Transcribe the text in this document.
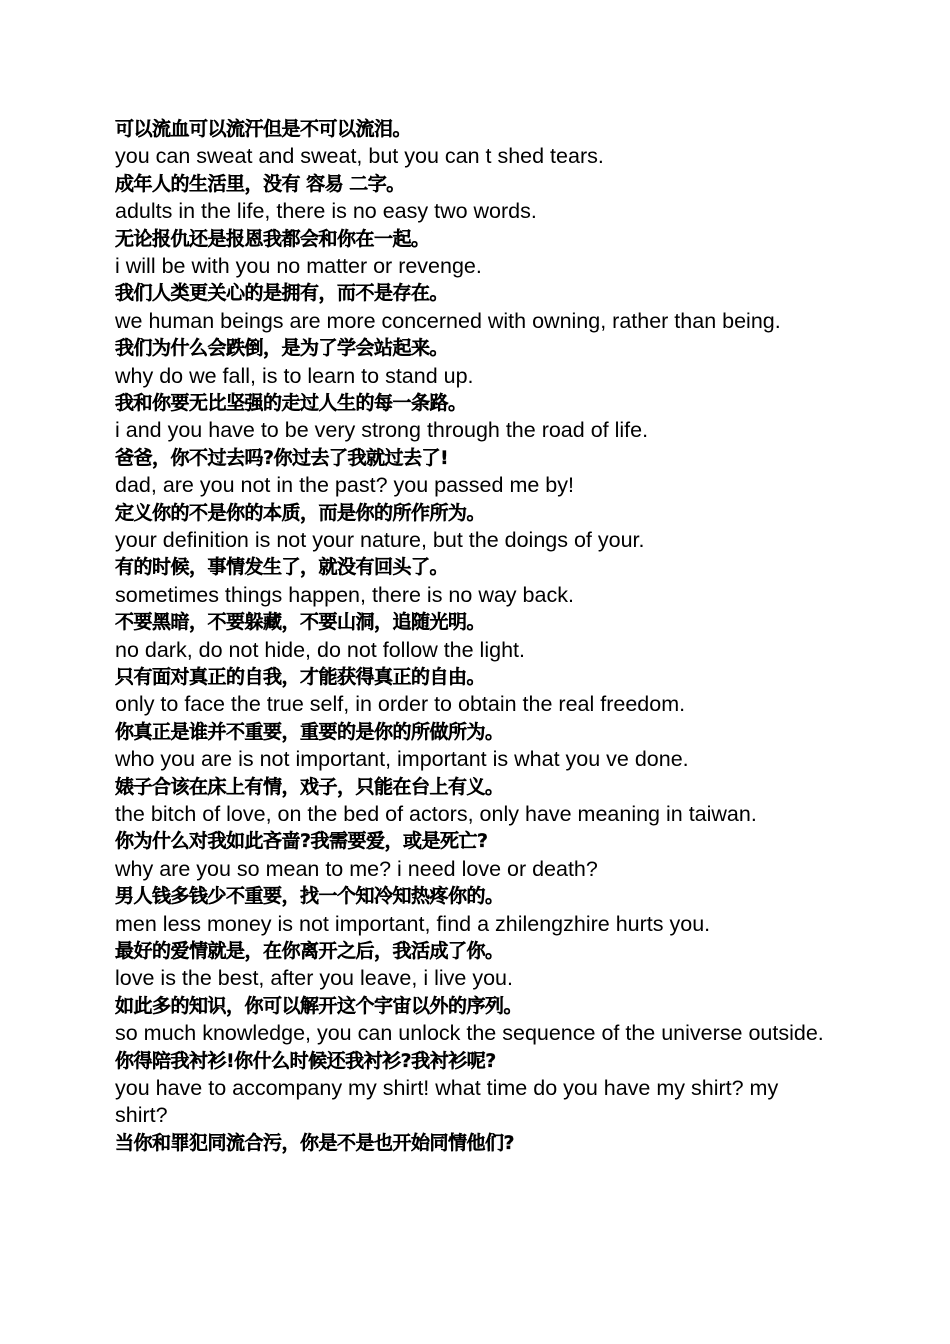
可以流血可以流汗但是不可以流泪。
you can sweat and sweat, but you can t shed tears.
成年人的生活里，没有 容易 二字。
adults in the life, there is no easy two words.
无论报仇还是报恩我都会和你在一起。
i will be with you no matter or revenge.
我们人类更关心的是拥有，而不是存在。
we human beings are more concerned with owning, rather than being.
我们为什么会跌倒，是为了学会站起来。
why do we fall, is to learn to stand up.
我和你要无比坚强的走过人生的每一条路。
i and you have to be very strong through the road of life.
爸爸，你不过去吗?你过去了我就过去了!
dad, are you not in the past? you passed me by!
定义你的不是你的本质，而是你的所作所为。
your definition is not your nature, but the doings of your.
有的时候，事情发生了，就没有回头了。
sometimes things happen, there is no way back.
不要黑暗，不要躲藏，不要山洞，追随光明。
no dark, do not hide, do not follow the light.
只有面对真正的自我，才能获得真正的自由。
only to face the true self, in order to obtain the real freedom.
你真正是谁并不重要，重要的是你的所做所为。
who you are is not important, important is what you ve done.
婊子合该在床上有情，戏子，只能在台上有义。
the bitch of love, on the bed of actors, only have meaning in taiwan.
你为什么对我如此吝啬?我需要爱，或是死亡?
why are you so mean to me? i need love or death?
男人钱多钱少不重要，找一个知冷知热疼你的。
men less money is not important, find a zhilengzhire hurts you.
最好的爱情就是，在你离开之后，我活成了你。
love is the best, after you leave, i live you.
如此多的知识，你可以解开这个宇宙以外的序列。
so much knowledge, you can unlock the sequence of the universe outside.
你得陪我衬衫!你什么时候还我衬衫?我衬衫呢?
you have to accompany my shirt! what time do you have my shirt? my shirt?
当你和罪犯同流合污，你是不是也开始同情他们?
